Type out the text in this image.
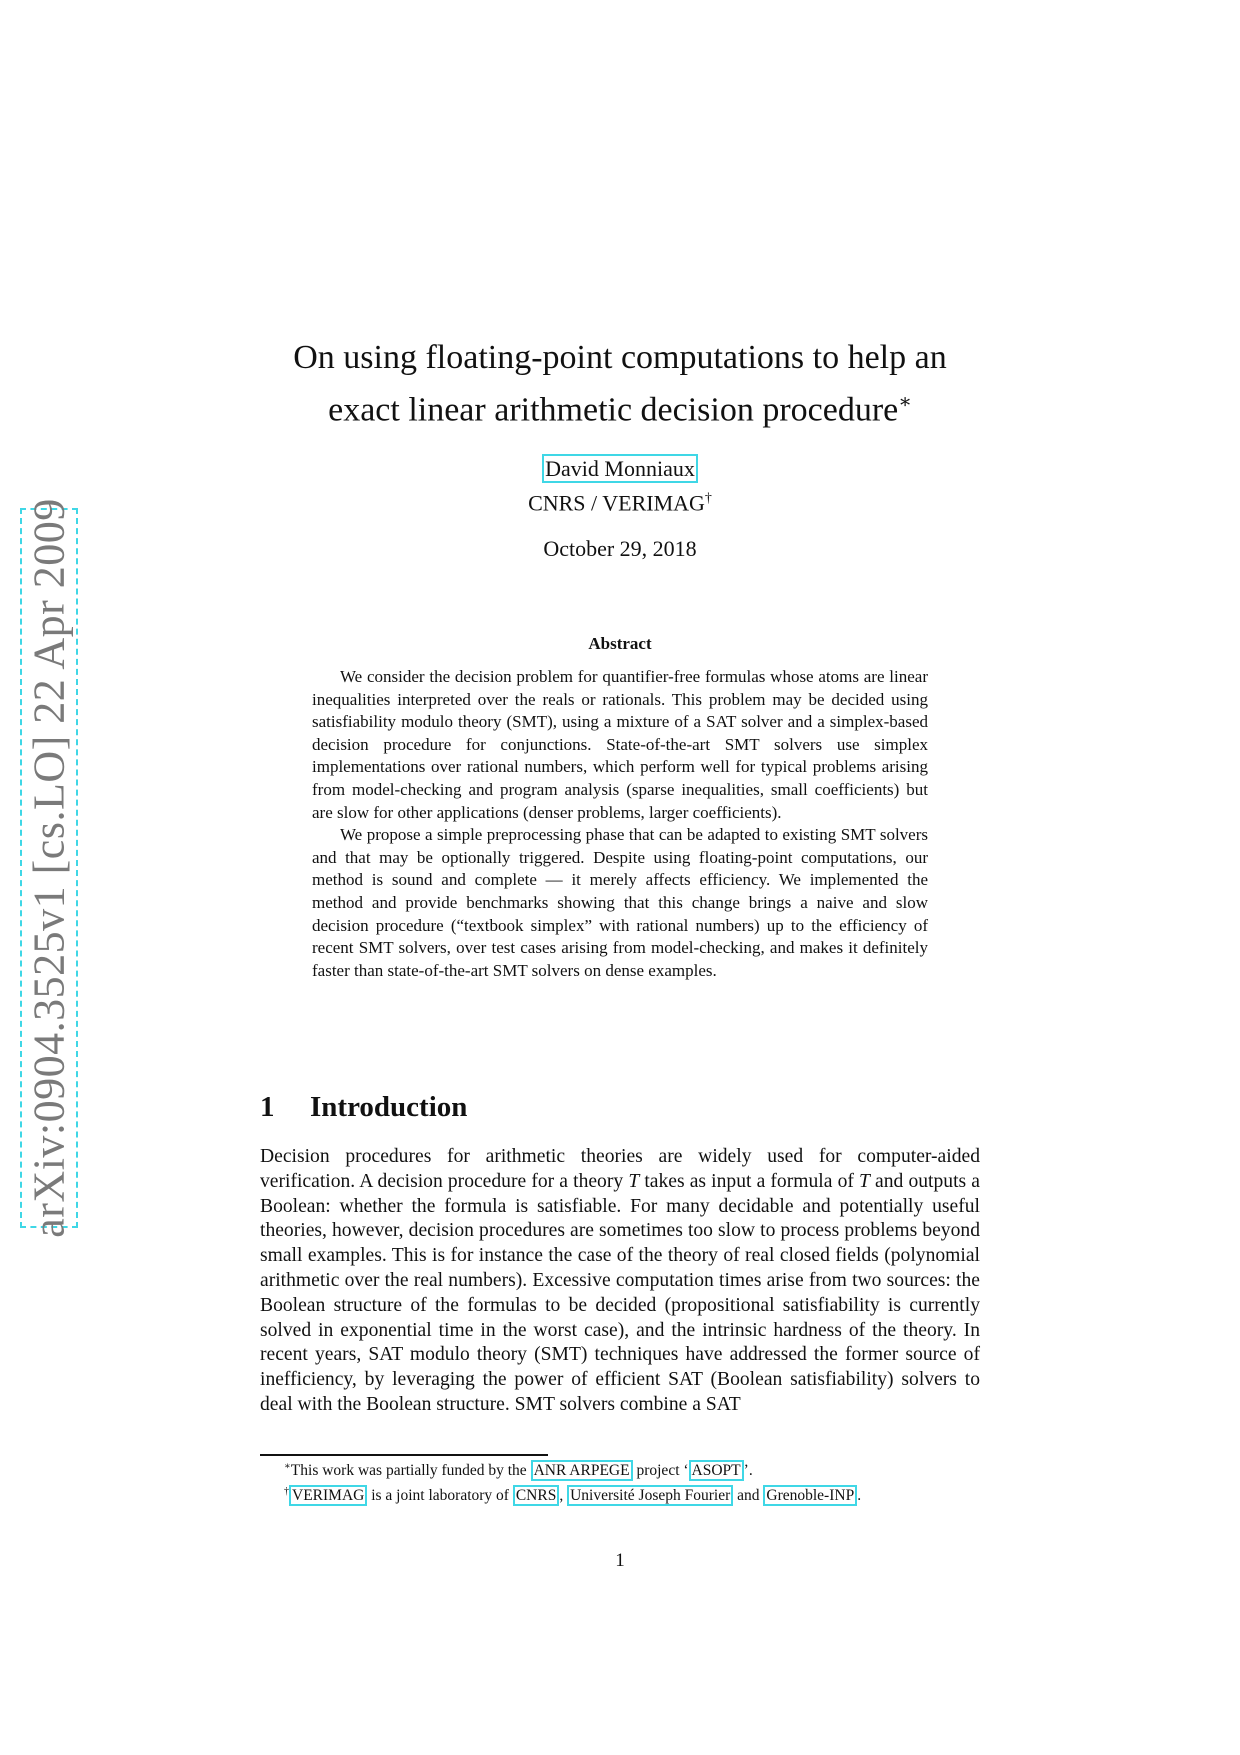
arXiv:0904.3525v1 [cs.LO] 22 Apr 2009
On using floating-point computations to help an
exact linear arithmetic decision procedure∗
David Monniaux
CNRS / VERIMAG†
October 29, 2018
Abstract

We consider the decision problem for quantifier-free formulas whose atoms are linear inequalities interpreted over the reals or rationals. This problem may be decided using satisfiability modulo theory (SMT), using a mixture of a SAT solver and a simplex-based decision procedure for conjunctions. State-of-the-art SMT solvers use simplex implementations over rational numbers, which perform well for typical problems arising from model-checking and program analysis (sparse inequalities, small coefficients) but are slow for other applications (denser problems, larger coefficients).

We propose a simple preprocessing phase that can be adapted to existing SMT solvers and that may be optionally triggered. Despite using floating-point computations, our method is sound and complete — it merely affects efficiency. We implemented the method and provide benchmarks showing that this change brings a naive and slow decision procedure (“textbook simplex” with rational numbers) up to the efficiency of recent SMT solvers, over test cases arising from model-checking, and makes it definitely faster than state-of-the-art SMT solvers on dense examples.

1 Introduction

Decision procedures for arithmetic theories are widely used for computer-aided verification. A decision procedure for a theory T takes as input a formula of T and outputs a Boolean: whether the formula is satisfiable. For many decidable and potentially useful theories, however, decision procedures are sometimes too slow to process problems beyond small examples. This is for instance the case of the theory of real closed fields (polynomial arithmetic over the real numbers). Excessive computation times arise from two sources: the Boolean structure of the formulas to be decided (propositional satisfiability is currently solved in exponential time in the worst case), and the intrinsic hardness of the theory. In recent years, SAT modulo theory (SMT) techniques have addressed the former source of inefficiency, by leveraging the power of efficient SAT (Boolean satisfiability) solvers to deal with the Boolean structure. SMT solvers combine a SAT

∗This work was partially funded by the ANR ARPEGE project ‘ ASOPT ’.
† VERIMAG is a joint laboratory of CNRS , Université Joseph Fourier and Grenoble-INP .
1
